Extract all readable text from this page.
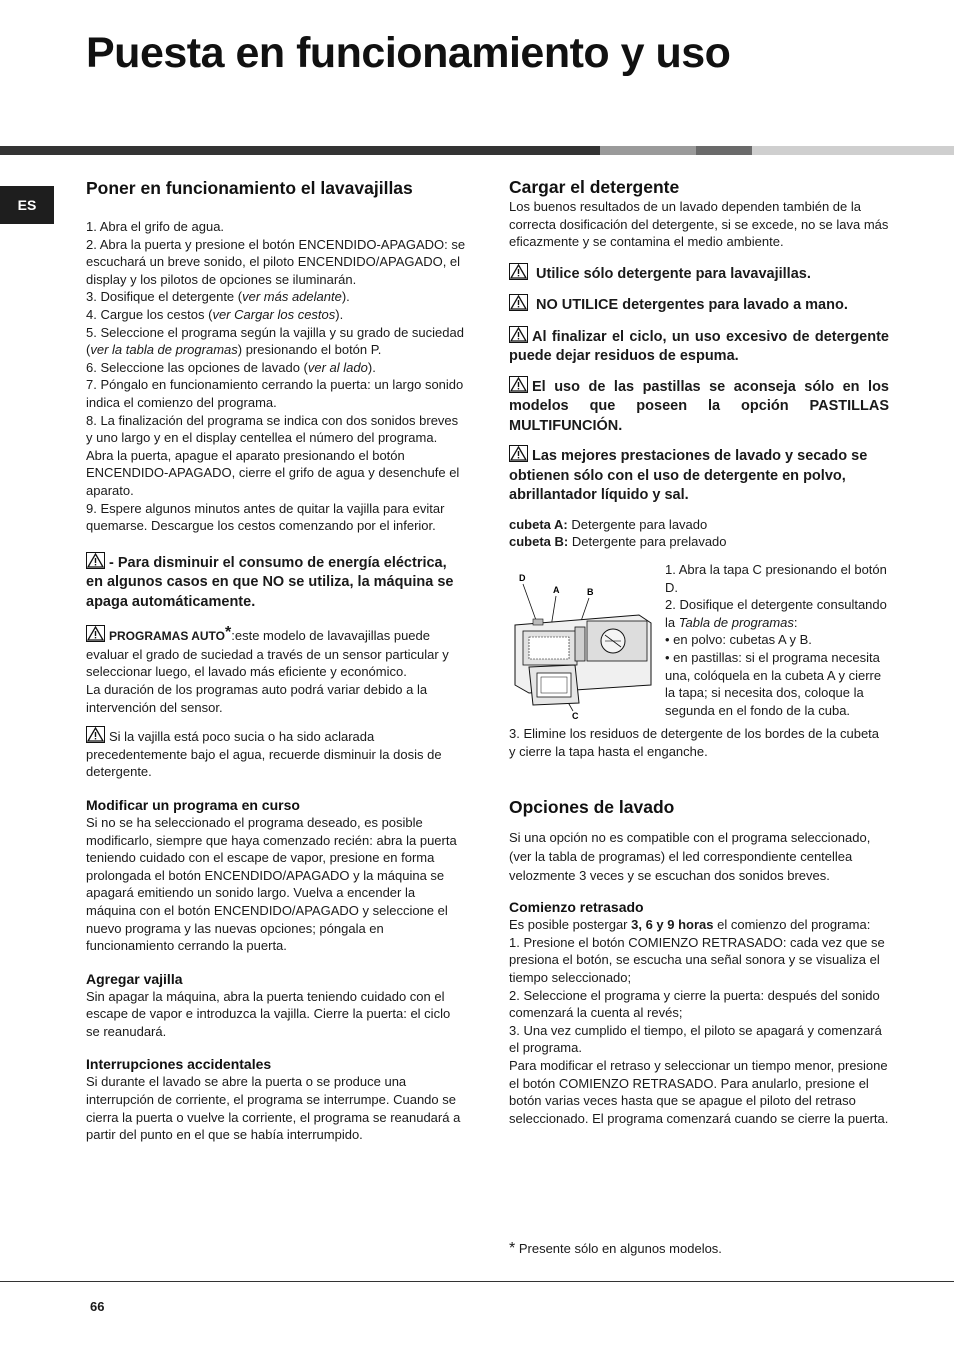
Puesta en funcionamiento y uso
ES
Poner en funcionamiento el lavavajillas

1. Abra el grifo de agua.

2. Abra la puerta y presione el botón ENCENDIDO-APAGADO: se escuchará un breve sonido, el piloto ENCENDIDO/APAGADO, el display y los pilotos de opciones se iluminarán.

3. Dosifique el detergente (ver más adelante).

4. Cargue los cestos (ver Cargar los cestos).

5. Seleccione el programa según la vajilla y su grado de suciedad (ver la tabla de programas) presionando el botón P.

6. Seleccione las opciones de lavado (ver al lado).

7. Póngalo en funcionamiento cerrando la puerta: un largo sonido indica el comienzo del programa.

8. La finalización del programa se indica con dos sonidos breves y uno largo y en el display centellea el número del programa. Abra la puerta, apague el aparato presionando el botón ENCENDIDO-APAGADO, cierre el grifo de agua y desenchufe el aparato.

9. Espere algunos minutos antes de quitar la vajilla para evitar quemarse. Descargue los cestos comenzando por el inferior.

- Para disminuir el consumo de energía eléctrica, en algunos casos en que NO se utiliza, la máquina se apaga automáticamente.

PROGRAMAS AUTO*:este modelo de lavavajillas puede evaluar el grado de suciedad a través de un sensor particular y seleccionar luego, el lavado más eficiente y económico.

La duración de los programas auto podrá variar debido a la intervención del sensor.

Si la vajilla está poco sucia o ha sido aclarada precedentemente bajo el agua, recuerde disminuir la dosis de detergente.

Modificar un programa en curso

Si no se ha seleccionado el programa deseado, es posible modificarlo, siempre que haya comenzado recién: abra la puerta teniendo cuidado con el escape de vapor, presione en forma prolongada el botón ENCENDIDO/APAGADO y la máquina se apagará emitiendo un sonido largo. Vuelva a encender la máquina con el botón ENCENDIDO/APAGADO y seleccione el nuevo programa y las nuevas opciones; póngala en funcionamiento cerrando la puerta.

Agregar vajilla

Sin apagar la máquina, abra la puerta teniendo cuidado con el escape de vapor e introduzca la vajilla. Cierre la puerta: el ciclo se reanudará.

Interrupciones accidentales

Si durante el lavado se abre la puerta o se produce una interrupción de corriente, el programa se interrumpe. Cuando se cierra la puerta o vuelve la corriente, el programa se reanudará a partir del punto en el que se había interrumpido.

Cargar el detergente

Los buenos resultados de un lavado dependen también de la correcta dosificación del detergente, si se excede, no se lava más eficazmente y se contamina el medio ambiente.

Utilice sólo detergente para lavavajillas.

NO UTILICE detergentes para lavado a mano.

Al finalizar el ciclo, un uso excesivo de detergente puede dejar residuos de espuma.

El uso de las pastillas se aconseja sólo en los modelos que poseen la opción PASTILLAS MULTIFUNCIÓN.

Las mejores prestaciones de lavado y secado se obtienen sólo con el uso de detergente en polvo, abrillantador líquido y sal.

cubeta A: Detergente para lavado

cubeta B: Detergente para prelavado

D
A	B
C

1. Abra la tapa C presionando el botón D.

2. Dosifique el detergente consultando la Tabla de programas:

• en polvo: cubetas A y B.

• en pastillas: si el programa necesita una, colóquela en la cubeta A y cierre la tapa; si necesita dos, coloque la segunda en el fondo de la cuba.

3. Elimine los residuos de detergente de los bordes de la cubeta y cierre la tapa hasta el enganche.

Opciones de lavado

Si una opción no es compatible con el programa seleccionado, (ver la tabla de programas) el led correspondiente centellea velozmente 3 veces y se escuchan dos sonidos breves.

Comienzo retrasado

Es posible postergar 3, 6 y 9 horas el comienzo del programa:

1. Presione el botón COMIENZO RETRASADO: cada vez que se presiona el botón, se escucha una señal sonora y se visualiza el tiempo seleccionado;

2. Seleccione el programa y cierre la puerta: después del sonido comenzará la cuenta al revés;

3. Una vez cumplido el tiempo, el piloto se apagará y comenzará el programa.

Para modificar el retraso y seleccionar un tiempo menor, presione el botón COMIENZO RETRASADO. Para anularlo, presione el botón varias veces hasta que se apague el piloto del retraso seleccionado. El programa comenzará cuando se cierre la puerta.

* Presente sólo en algunos modelos.
66
